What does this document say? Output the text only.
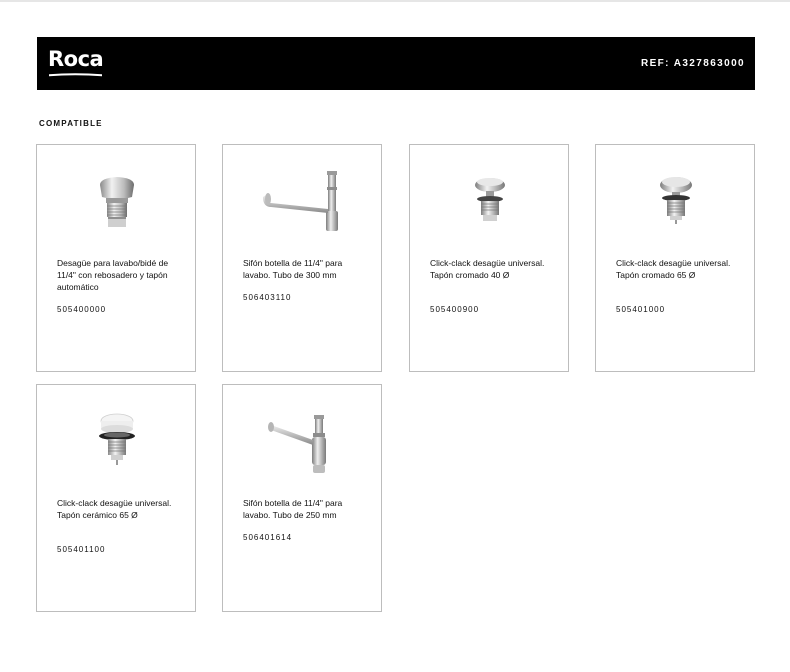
Roca	REF: A327863000
COMPATIBLE
Desagüe para lavabo/bidé de 11/4" con rebosadero y tapón automático
505400000
Sifón botella de 11/4" para lavabo. Tubo de 300 mm
506403110
Click-clack desagüe universal. Tapón cromado 40 Ø
505400900
Click-clack desagüe universal. Tapón cromado 65 Ø
505401000
Click-clack desagüe universal. Tapón cerámico 65 Ø
505401100
Sifón botella de 11/4" para lavabo. Tubo de 250 mm
506401614
